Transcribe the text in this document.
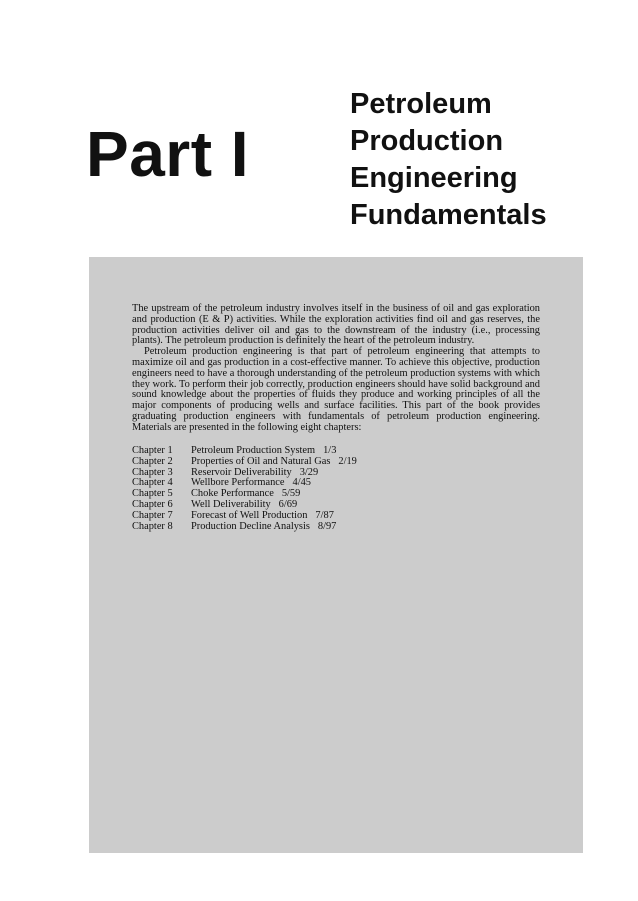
Part I
Petroleum
Production
Engineering
Fundamentals

The upstream of the petroleum industry involves itself in the business of oil and gas exploration and production (E & P) activities. While the exploration activities find oil and gas reserves, the production activities deliver oil and gas to the downstream of the industry (i.e., processing plants). The petroleum production is definitely the heart of the petroleum industry.

Petroleum production engineering is that part of petroleum engineering that attempts to maximize oil and gas production in a cost-effective manner. To achieve this objective, production engineers need to have a thorough understanding of the petroleum production systems with which they work. To perform their job correctly, production engineers should have solid background and sound knowledge about the properties of fluids they produce and working principles of all the major components of producing wells and surface facilities. This part of the book provides graduating production engineers with fundamentals of petroleum production engineering. Materials are presented in the following eight chapters:

Chapter 1	Petroleum Production System 1/3
Chapter 2	Properties of Oil and Natural Gas 2/19
Chapter 3	Reservoir Deliverability 3/29
Chapter 4	Wellbore Performance 4/45
Chapter 5	Choke Performance 5/59
Chapter 6	Well Deliverability 6/69
Chapter 7	Forecast of Well Production 7/87
Chapter 8	Production Decline Analysis 8/97
